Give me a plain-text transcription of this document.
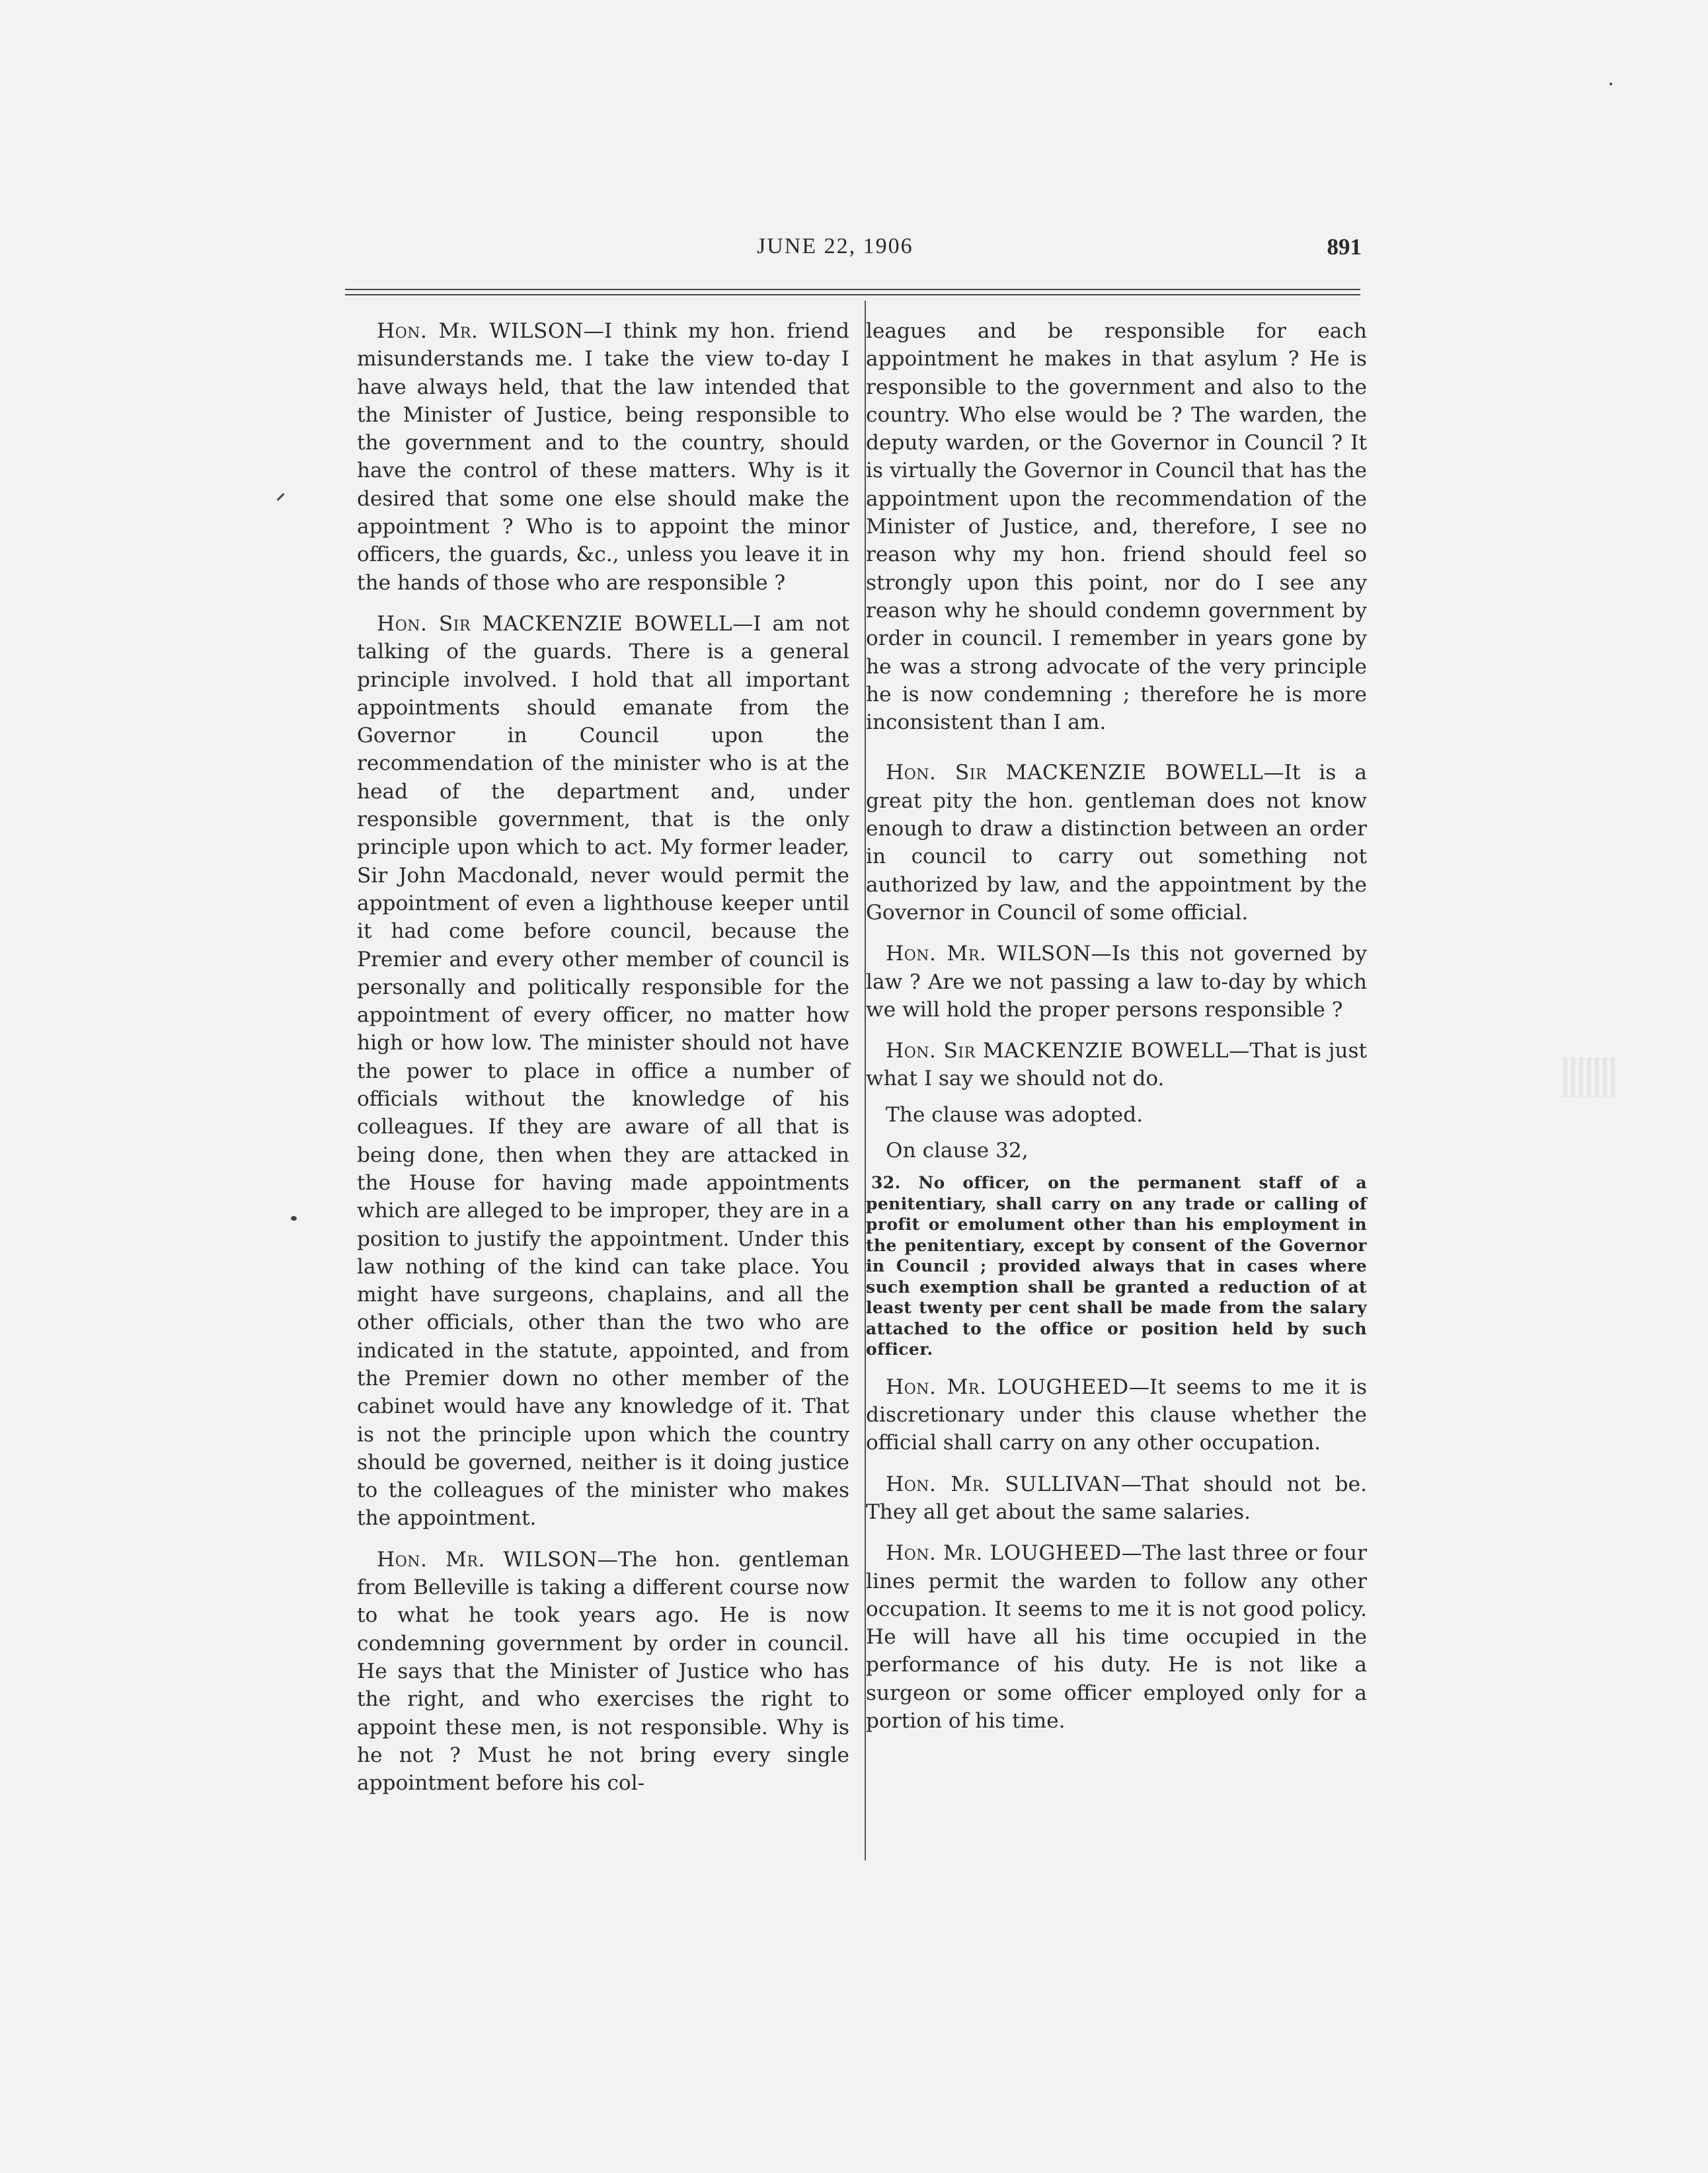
JUNE 22, 1906	891

Hon. Mr. WILSON—I think my hon. friend misunderstands me. I take the view to-day I have always held, that the law intended that the Minister of Justice, being responsible to the government and to the country, should have the control of these matters. Why is it desired that some one else should make the appointment ? Who is to appoint the minor officers, the guards, &c., unless you leave it in the hands of those who are responsible ?

Hon. Sir MACKENZIE BOWELL—I am not talking of the guards. There is a general principle involved. I hold that all important appointments should emanate from the Governor in Council upon the recommendation of the minister who is at the head of the department and, under responsible government, that is the only principle upon which to act. My former leader, Sir John Macdonald, never would permit the appointment of even a lighthouse keeper until it had come before council, because the Premier and every other member of council is personally and politically responsible for the appointment of every officer, no matter how high or how low. The minister should not have the power to place in office a number of officials without the knowledge of his colleagues. If they are aware of all that is being done, then when they are attacked in the House for having made appointments which are alleged to be improper, they are in a position to justify the appointment. Under this law nothing of the kind can take place. You might have surgeons, chaplains, and all the other officials, other than the two who are indicated in the statute, appointed, and from the Premier down no other member of the cabinet would have any knowledge of it. That is not the principle upon which the country should be governed, neither is it doing justice to the colleagues of the minister who makes the appointment.

Hon. Mr. WILSON—The hon. gentleman from Belleville is taking a different course now to what he took years ago. He is now condemning government by order in council. He says that the Minister of Justice who has the right, and who exercises the right to appoint these men, is not responsible. Why is he not ? Must he not bring every single appointment before his col-

leagues and be responsible for each appointment he makes in that asylum ? He is responsible to the government and also to the country. Who else would be ? The warden, the deputy warden, or the Governor in Council ? It is virtually the Governor in Council that has the appointment upon the recommendation of the Minister of Justice, and, therefore, I see no reason why my hon. friend should feel so strongly upon this point, nor do I see any reason why he should condemn government by order in council. I remember in years gone by he was a strong advocate of the very principle he is now condemning ; therefore he is more inconsistent than I am.

Hon. Sir MACKENZIE BOWELL—It is a great pity the hon. gentleman does not know enough to draw a distinction between an order in council to carry out something not authorized by law, and the appointment by the Governor in Council of some official.

Hon. Mr. WILSON—Is this not governed by law ? Are we not passing a law to-day by which we will hold the proper persons responsible ?

Hon. Sir MACKENZIE BOWELL—That is just what I say we should not do.

The clause was adopted.

On clause 32,

32. No officer, on the permanent staff of a penitentiary, shall carry on any trade or calling of profit or emolument other than his employment in the penitentiary, except by consent of the Governor in Council ; provided always that in cases where such exemption shall be granted a reduction of at least twenty per cent shall be made from the salary attached to the office or position held by such officer.

Hon. Mr. LOUGHEED—It seems to me it is discretionary under this clause whether the official shall carry on any other occupation.

Hon. Mr. SULLIVAN—That should not be. They all get about the same salaries.

Hon. Mr. LOUGHEED—The last three or four lines permit the warden to follow any other occupation. It seems to me it is not good policy. He will have all his time occupied in the performance of his duty. He is not like a surgeon or some officer employed only for a portion of his time.
